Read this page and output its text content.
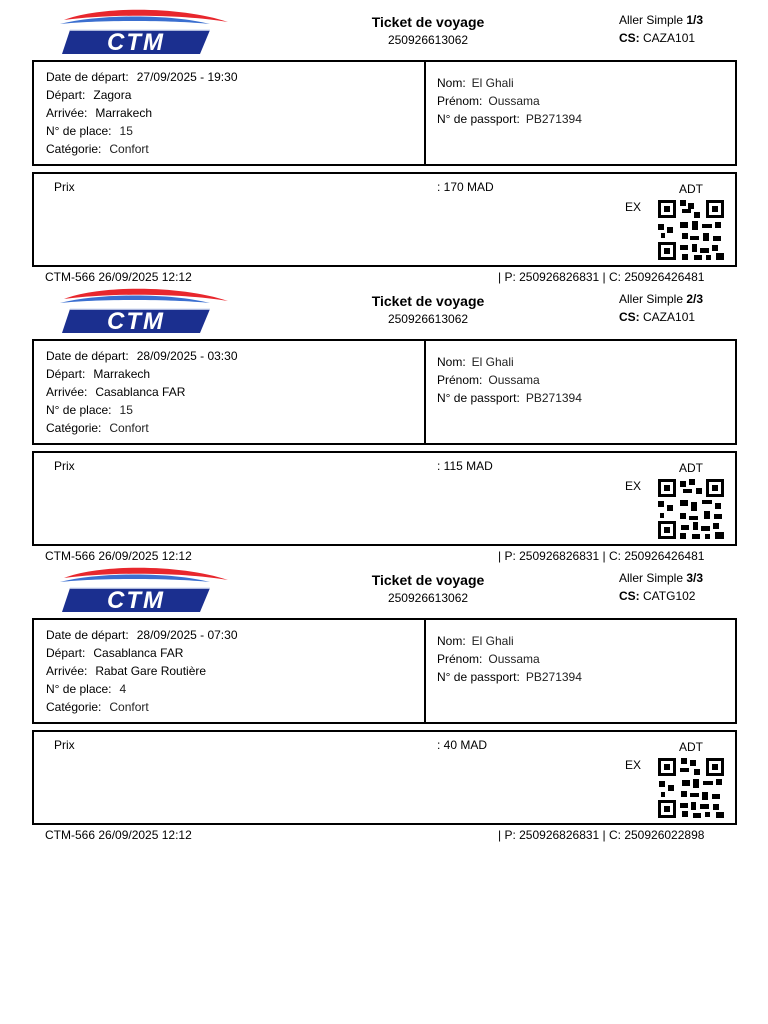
CTM
Ticket de voyage
250926613062
Aller Simple 1/3
CS: CAZA101
Date de départ: 27/09/2025 - 19:30
Départ: Zagora
Arrivée: Marrakech
N° de place: 15
Catégorie: Confort
Nom: El Ghali
Prénom: Oussama
N° de passport: PB271394
Prix	: 170 MAD	ADT
EX
CTM-566 26/09/2025 12:12	| P: 250926826831 | C: 250926426481
CTM
Ticket de voyage
250926613062
Aller Simple 2/3
CS: CAZA101
Date de départ: 28/09/2025 - 03:30
Départ: Marrakech
Arrivée: Casablanca FAR
N° de place: 15
Catégorie: Confort
Nom: El Ghali
Prénom: Oussama
N° de passport: PB271394
Prix	: 115 MAD	ADT
EX
CTM-566 26/09/2025 12:12	| P: 250926826831 | C: 250926426481
CTM
Ticket de voyage
250926613062
Aller Simple 3/3
CS: CATG102
Date de départ: 28/09/2025 - 07:30
Départ: Casablanca FAR
Arrivée: Rabat Gare Routière
N° de place: 4
Catégorie: Confort
Nom: El Ghali
Prénom: Oussama
N° de passport: PB271394
Prix	: 40 MAD	ADT
EX
CTM-566 26/09/2025 12:12	| P: 250926826831 | C: 250926022898
